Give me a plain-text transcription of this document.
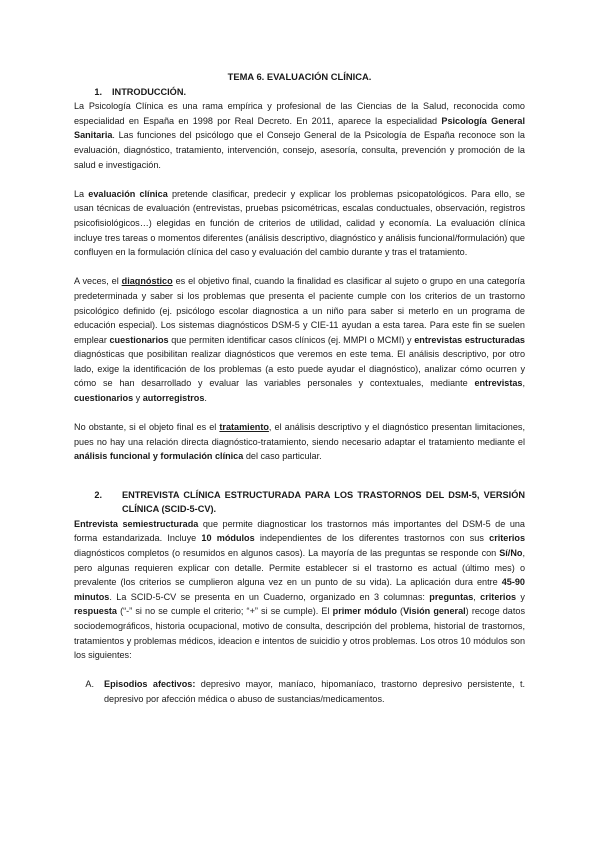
TEMA 6. EVALUACIÓN CLÍNICA.
1. INTRODUCCIÓN.

La Psicología Clínica es una rama empírica y profesional de las Ciencias de la Salud, reconocida como especialidad en España en 1998 por Real Decreto. En 2011, aparece la especialidad Psicología General Sanitaria. Las funciones del psicólogo que el Consejo General de la Psicología de España reconoce son la evaluación, diagnóstico, tratamiento, intervención, consejo, asesoría, consulta, prevención y promoción de la salud e investigación.

La evaluación clínica pretende clasificar, predecir y explicar los problemas psicopatológicos. Para ello, se usan técnicas de evaluación (entrevistas, pruebas psicométricas, escalas conductuales, observación, registros psicofisiológicos…) elegidas en función de criterios de utilidad, calidad y economía. La evaluación clínica incluye tres tareas o momentos diferentes (análisis descriptivo, diagnóstico y análisis funcional/formulación) que confluyen en la formulación clínica del caso y evaluación del cambio durante y tras el tratamiento.

A veces, el diagnóstico es el objetivo final, cuando la finalidad es clasificar al sujeto o grupo en una categoría predeterminada y saber si los problemas que presenta el paciente cumple con los criterios de un trastorno psicológico definido (ej. psicólogo escolar diagnostica a un niño para saber si meterlo en un programa de educación especial). Los sistemas diagnósticos DSM-5 y CIE-11 ayudan a esta tarea. Para este fin se suelen emplear cuestionarios que permiten identificar casos clínicos (ej. MMPI o MCMI) y entrevistas estructuradas diagnósticas que posibilitan realizar diagnósticos que veremos en este tema. El análisis descriptivo, por otro lado, exige la identificación de los problemas (a esto puede ayudar el diagnóstico), analizar cómo ocurren y cómo se han desarrollado y evaluar las variables personales y contextuales, mediante entrevistas, cuestionarios y autorregistros.

No obstante, si el objeto final es el tratamiento, el análisis descriptivo y el diagnóstico presentan limitaciones, pues no hay una relación directa diagnóstico-tratamiento, siendo necesario adaptar el tratamiento mediante el análisis funcional y formulación clínica del caso particular.

2.	ENTREVISTA CLÍNICA ESTRUCTURADA PARA LOS TRASTORNOS DEL DSM-5, VERSIÓN CLÍNICA (SCID-5-CV).

Entrevista semiestructurada que permite diagnosticar los trastornos más importantes del DSM-5 de una forma estandarizada. Incluye 10 módulos independientes de los diferentes trastornos con sus criterios diagnósticos completos (o resumidos en algunos casos). La mayoría de las preguntas se responde con Sí/No, pero algunas requieren explicar con detalle. Permite establecer si el trastorno es actual (último mes) o prevalente (los criterios se cumplieron alguna vez en un punto de su vida). La aplicación dura entre 45-90 minutos. La SCID-5-CV se presenta en un Cuaderno, organizado en 3 columnas: preguntas, criterios y respuesta (“-” si no se cumple el criterio; “+” si se cumple). El primer módulo (Visión general) recoge datos sociodemográficos, historia ocupacional, motivo de consulta, descripción del problema, historial de trastornos, tratamientos y problemas médicos, ideacion e intentos de suicidio y otros problemas. Los otros 10 módulos son los siguientes:

A.	Episodios afectivos: depresivo mayor, maníaco, hipomaníaco, trastorno depresivo persistente, t. depresivo por afección médica o abuso de sustancias/medicamentos.
